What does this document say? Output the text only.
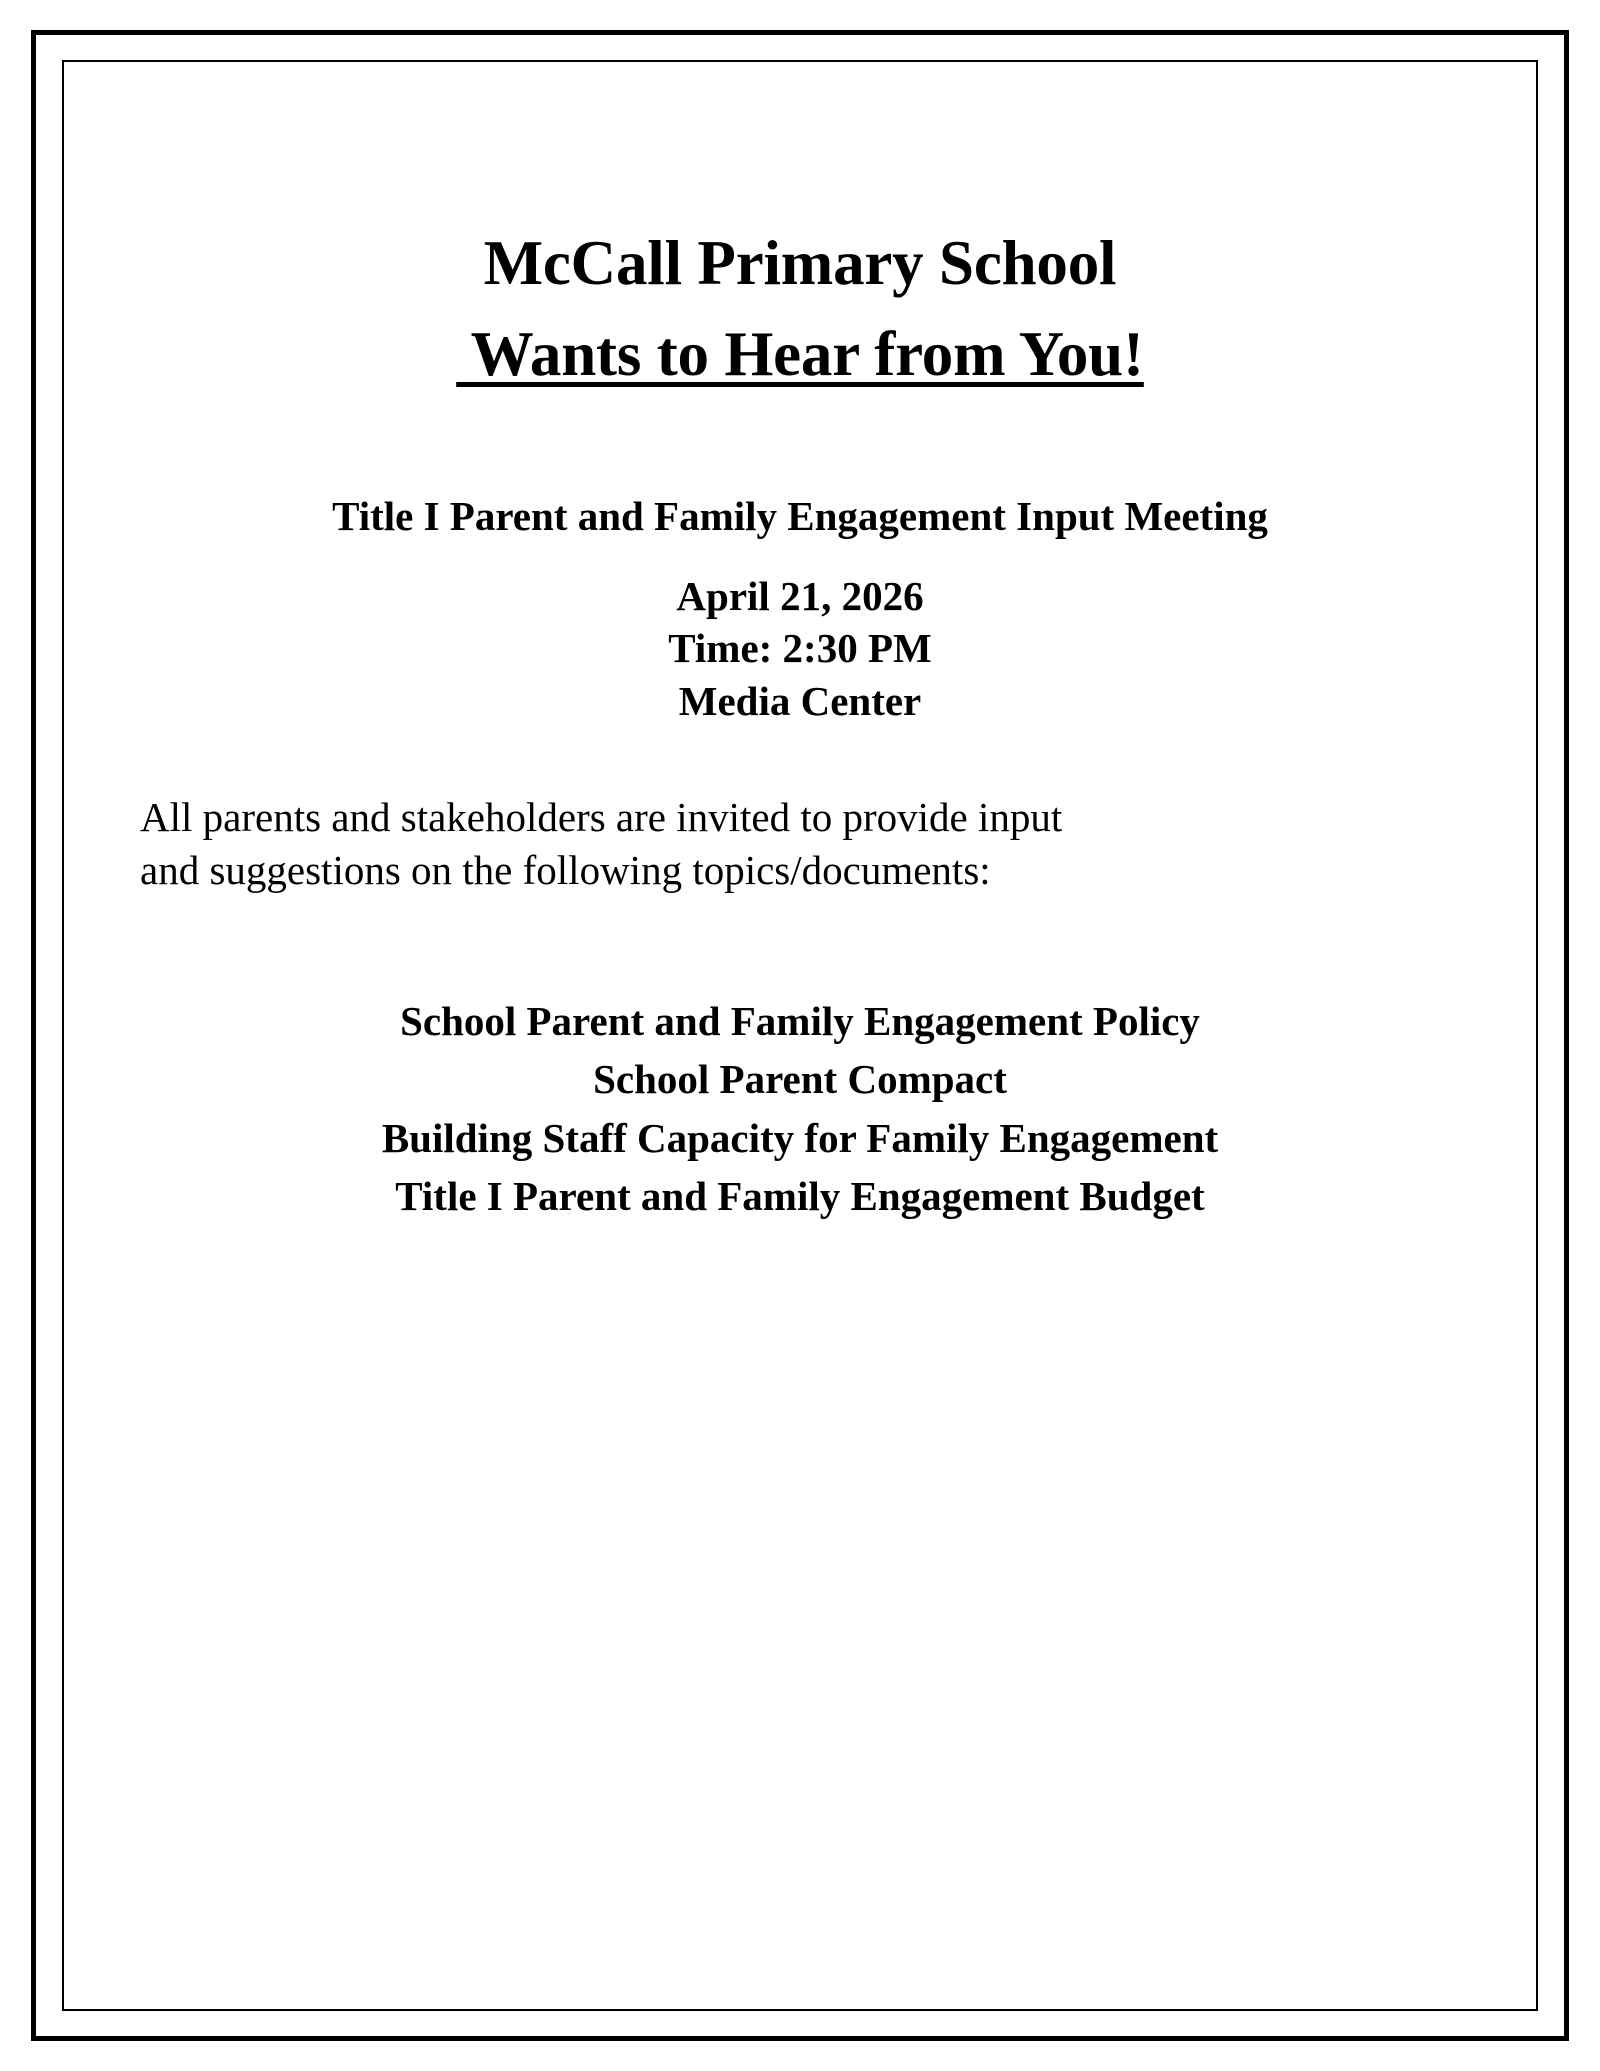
McCall Primary School
Wants to Hear from You!
Title I Parent and Family Engagement Input Meeting
April 21, 2026
Time: 2:30 PM
Media Center
All parents and stakeholders are invited to provide input
and suggestions on the following topics/documents:
School Parent and Family Engagement Policy
School Parent Compact
Building Staff Capacity for Family Engagement
Title I Parent and Family Engagement Budget
